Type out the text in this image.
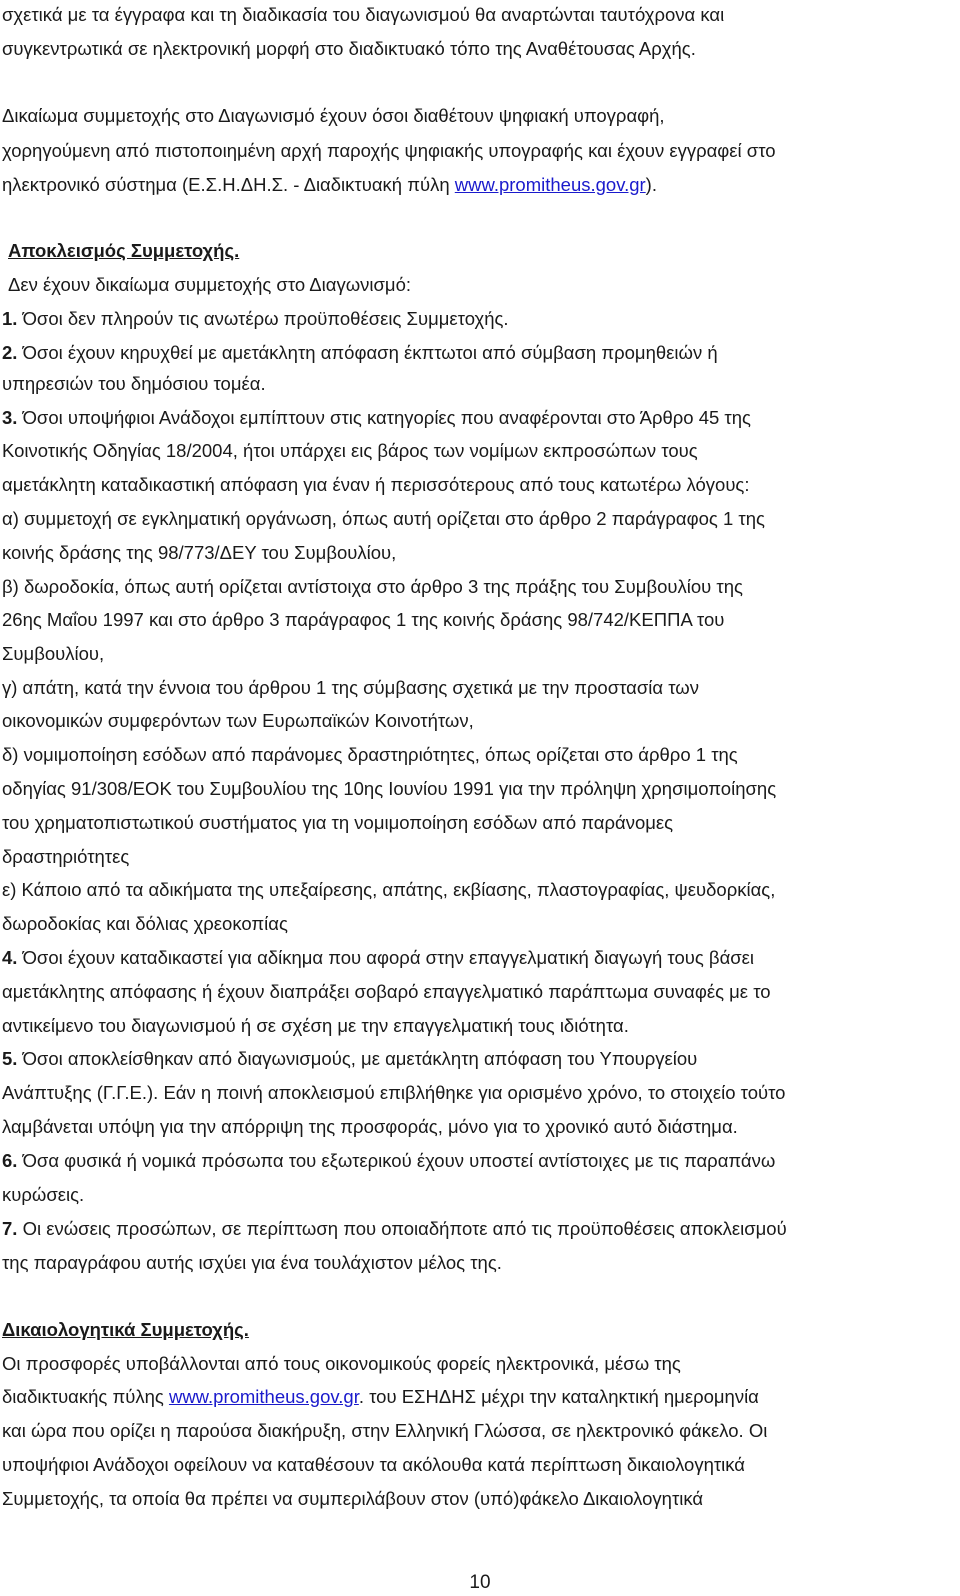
σχετικά με τα έγγραφα και τη διαδικασία του διαγωνισμού θα αναρτώνται ταυτόχρονα και
συγκεντρωτικά σε ηλεκτρονική μορφή στο διαδικτυακό τόπο της Αναθέτουσας Αρχής.
Δικαίωμα συμμετοχής στο Διαγωνισμό έχουν όσοι διαθέτουν ψηφιακή υπογραφή,
χορηγούμενη από πιστοποιημένη αρχή παροχής ψηφιακής υπογραφής και έχουν εγγραφεί στο
ηλεκτρονικό σύστημα (Ε.Σ.Η.ΔΗ.Σ. - Διαδικτυακή πύλη www.promitheus.gov.gr).
Αποκλεισμός Συμμετοχής.
Δεν έχουν δικαίωμα συμμετοχής στο Διαγωνισμό:
1. Όσοι δεν πληρούν τις ανωτέρω προϋποθέσεις Συμμετοχής.
2. Όσοι έχουν κηρυχθεί με αμετάκλητη απόφαση έκπτωτοι από σύμβαση προμηθειών ή
υπηρεσιών του δημόσιου τομέα.
3. Όσοι υποψήφιοι Ανάδοχοι εμπίπτουν στις κατηγορίες που αναφέρονται στο Άρθρο 45 της
Κοινοτικής Οδηγίας 18/2004, ήτοι υπάρχει εις βάρος των νομίμων εκπροσώπων τους
αμετάκλητη καταδικαστική απόφαση για έναν ή περισσότερους από τους κατωτέρω λόγους:
α) συμμετοχή σε εγκληματική οργάνωση, όπως αυτή ορίζεται στο άρθρο 2 παράγραφος 1 της
κοινής δράσης της 98/773/ΔΕΥ του Συμβουλίου,
β) δωροδοκία, όπως αυτή ορίζεται αντίστοιχα στο άρθρο 3 της πράξης του Συμβουλίου της
26ης Μαΐου 1997 και στο άρθρο 3 παράγραφος 1 της κοινής δράσης 98/742/ΚΕΠΠΑ του
Συμβουλίου,
γ) απάτη, κατά την έννοια του άρθρου 1 της σύμβασης σχετικά με την προστασία των
οικονομικών συμφερόντων των Ευρωπαϊκών Κοινοτήτων,
δ) νομιμοποίηση εσόδων από παράνομες δραστηριότητες, όπως ορίζεται στο άρθρο 1 της
οδηγίας 91/308/ΕΟΚ του Συμβουλίου της 10ης Ιουνίου 1991 για την πρόληψη χρησιμοποίησης
του χρηματοπιστωτικού συστήματος για τη νομιμοποίηση εσόδων από παράνομες
δραστηριότητες
ε) Κάποιο από τα αδικήματα της υπεξαίρεσης, απάτης, εκβίασης, πλαστογραφίας, ψευδορκίας,
δωροδοκίας και δόλιας χρεοκοπίας
4. Όσοι έχουν καταδικαστεί για αδίκημα που αφορά στην επαγγελματική διαγωγή τους βάσει
αμετάκλητης απόφασης ή έχουν διαπράξει σοβαρό επαγγελματικό παράπτωμα συναφές με το
αντικείμενο του διαγωνισμού ή σε σχέση με την επαγγελματική τους ιδιότητα.
5. Όσοι αποκλείσθηκαν από διαγωνισμούς, με αμετάκλητη απόφαση του Υπουργείου
Ανάπτυξης (Γ.Γ.Ε.). Εάν η ποινή αποκλεισμού επιβλήθηκε για ορισμένο χρόνο, το στοιχείο τούτο
λαμβάνεται υπόψη για την απόρριψη της προσφοράς, μόνο για το χρονικό αυτό διάστημα.
6. Όσα φυσικά ή νομικά πρόσωπα του εξωτερικού έχουν υποστεί αντίστοιχες με τις παραπάνω
κυρώσεις.
7. Οι ενώσεις προσώπων, σε περίπτωση που οποιαδήποτε από τις προϋποθέσεις αποκλεισμού
της παραγράφου αυτής ισχύει για ένα τουλάχιστον μέλος της.
Δικαιολογητικά Συμμετοχής.
Οι προσφορές υποβάλλονται από τους οικονομικούς φορείς ηλεκτρονικά, μέσω της
διαδικτυακής πύλης www.promitheus.gov.gr. του ΕΣΗΔΗΣ μέχρι την καταληκτική ημερομηνία
και ώρα που ορίζει η παρούσα διακήρυξη, στην Ελληνική Γλώσσα, σε ηλεκτρονικό φάκελο. Οι
υποψήφιοι Ανάδοχοι οφείλουν να καταθέσουν τα ακόλουθα κατά περίπτωση δικαιολογητικά
Συμμετοχής, τα οποία θα πρέπει να συμπεριλάβουν στον (υπό)φάκελο Δικαιολογητικά
10
